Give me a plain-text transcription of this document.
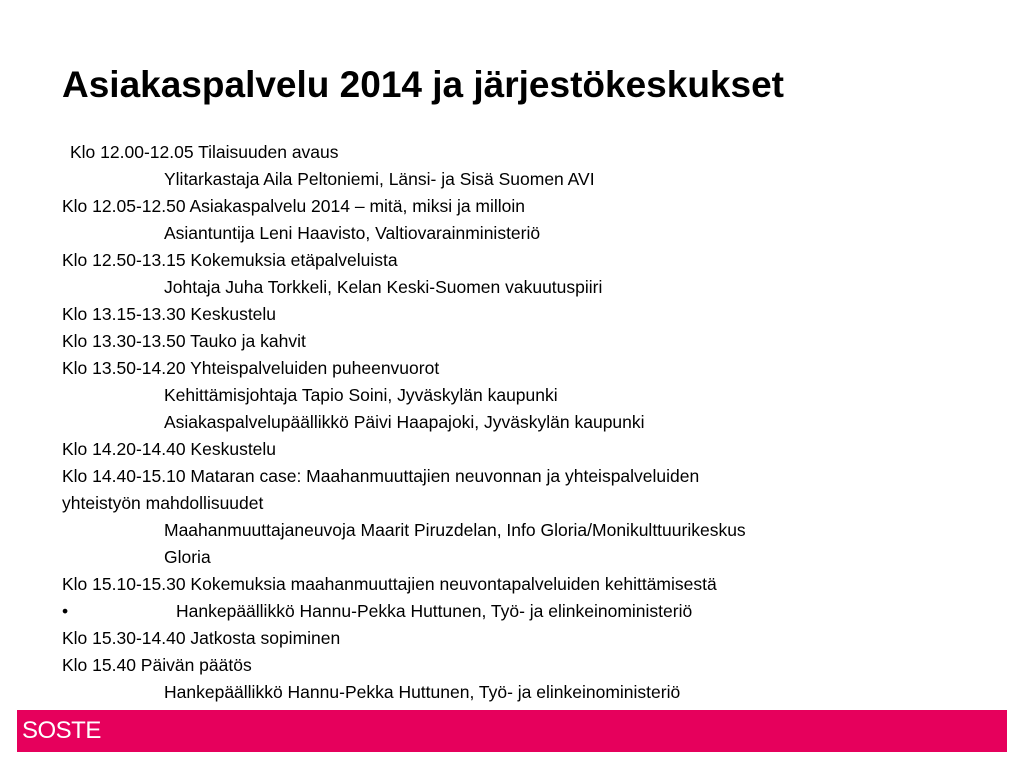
Asiakaspalvelu 2014 ja järjestökeskukset
Klo 12.00-12.05 Tilaisuuden avaus
Ylitarkastaja Aila Peltoniemi, Länsi- ja Sisä Suomen AVI
Klo 12.05-12.50 Asiakaspalvelu 2014 – mitä, miksi ja milloin
Asiantuntija Leni Haavisto, Valtiovarainministeriö
Klo 12.50-13.15 Kokemuksia etäpalveluista
Johtaja Juha Torkkeli, Kelan Keski-Suomen vakuutuspiiri
Klo 13.15-13.30 Keskustelu
Klo 13.30-13.50 Tauko ja kahvit
Klo 13.50-14.20 Yhteispalveluiden puheenvuorot
Kehittämisjohtaja Tapio Soini, Jyväskylän kaupunki
Asiakaspalvelupäällikkö Päivi Haapajoki, Jyväskylän kaupunki
Klo 14.20-14.40 Keskustelu
Klo 14.40-15.10 Mataran case: Maahanmuuttajien neuvonnan ja yhteispalveluiden
yhteistyön mahdollisuudet
Maahanmuuttajaneuvoja Maarit Piruzdelan, Info Gloria/Monikulttuurikeskus
Gloria
Klo 15.10-15.30 Kokemuksia maahanmuuttajien neuvontapalveluiden kehittämisestä
•	Hankepäällikkö Hannu-Pekka Huttunen, Työ- ja elinkeinoministeriö
Klo 15.30-14.40 Jatkosta sopiminen
Klo 15.40 Päivän päätös
Hankepäällikkö Hannu-Pekka Huttunen, Työ- ja elinkeinoministeriö
SOSTE
